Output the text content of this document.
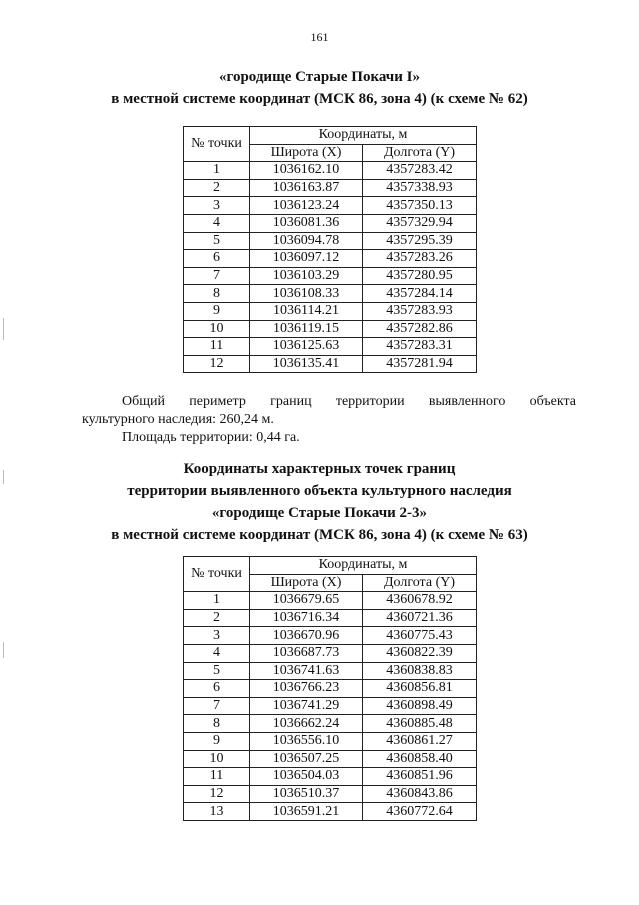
161
«городище Старые Покачи I»
в местной системе координат (МСК 86, зона 4) (к схеме № 62)
№ точки	Координаты, м	
	Широта (X)	Долгота (Y)
1	1036162.10	4357283.42
2	1036163.87	4357338.93
3	1036123.24	4357350.13
4	1036081.36	4357329.94
5	1036094.78	4357295.39
6	1036097.12	4357283.26
7	1036103.29	4357280.95
8	1036108.33	4357284.14
9	1036114.21	4357283.93
10	1036119.15	4357282.86
11	1036125.63	4357283.31
12	1036135.41	4357281.94
Общий периметр границ территории выявленного объекта
культурного наследия: 260,24 м.
Площадь территории: 0,44 га.
Координаты характерных точек границ
территории выявленного объекта культурного наследия
«городище Старые Покачи 2-3»
в местной системе координат (МСК 86, зона 4) (к схеме № 63)
№ точки	Координаты, м	
	Широта (X)	Долгота (Y)
1	1036679.65	4360678.92
2	1036716.34	4360721.36
3	1036670.96	4360775.43
4	1036687.73	4360822.39
5	1036741.63	4360838.83
6	1036766.23	4360856.81
7	1036741.29	4360898.49
8	1036662.24	4360885.48
9	1036556.10	4360861.27
10	1036507.25	4360858.40
11	1036504.03	4360851.96
12	1036510.37	4360843.86
13	1036591.21	4360772.64
